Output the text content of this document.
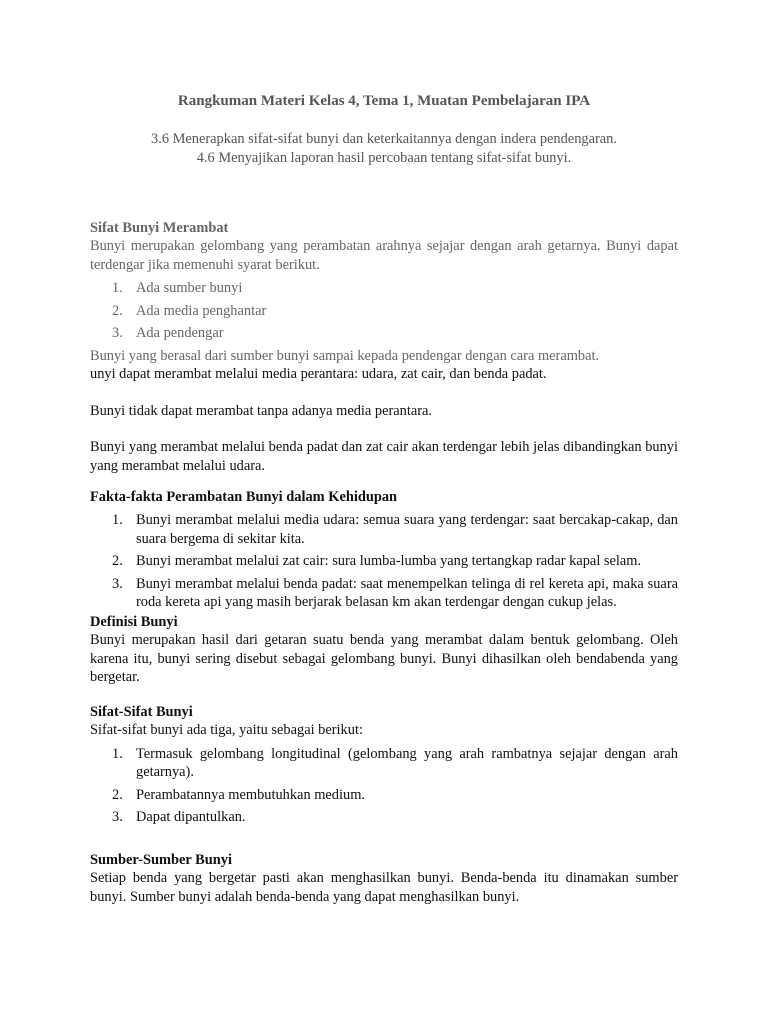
Rangkuman Materi Kelas 4, Tema 1, Muatan Pembelajaran IPA
3.6 Menerapkan sifat-sifat bunyi dan keterkaitannya dengan indera pendengaran.
4.6 Menyajikan laporan hasil percobaan tentang sifat-sifat bunyi.
Sifat Bunyi Merambat
Bunyi merupakan gelombang yang perambatan arahnya sejajar dengan arah getarnya. Bunyi dapat terdengar jika memenuhi syarat berikut.
1. Ada sumber bunyi
2. Ada media penghantar
3. Ada pendengar
Bunyi yang berasal dari sumber bunyi sampai kepada pendengar dengan cara merambat.
unyi dapat merambat melalui media perantara: udara, zat cair, dan benda padat.
Bunyi tidak dapat merambat tanpa adanya media perantara.
Bunyi yang merambat melalui benda padat dan zat cair akan terdengar lebih jelas dibandingkan bunyi yang merambat melalui udara.
Fakta-fakta Perambatan Bunyi dalam Kehidupan
1. Bunyi merambat melalui media udara: semua suara yang terdengar: saat bercakap-cakap, dan suara bergema di sekitar kita.
2. Bunyi merambat melalui zat cair: sura lumba-lumba yang tertangkap radar kapal selam.
3. Bunyi merambat melalui benda padat: saat menempelkan telinga di rel kereta api, maka suara roda kereta api yang masih berjarak belasan km akan terdengar dengan cukup jelas.
Definisi Bunyi
Bunyi merupakan hasil dari getaran suatu benda yang merambat dalam bentuk gelombang. Oleh karena itu, bunyi sering disebut sebagai gelombang bunyi. Bunyi dihasilkan oleh bendabenda yang bergetar.
Sifat-Sifat Bunyi
Sifat-sifat bunyi ada tiga, yaitu sebagai berikut:
1. Termasuk gelombang longitudinal (gelombang yang arah rambatnya sejajar dengan arah getarnya).
2. Perambatannya membutuhkan medium.
3. Dapat dipantulkan.
Sumber-Sumber Bunyi
Setiap benda yang bergetar pasti akan menghasilkan bunyi. Benda-benda itu dinamakan sumber bunyi. Sumber bunyi adalah benda-benda yang dapat menghasilkan bunyi.
